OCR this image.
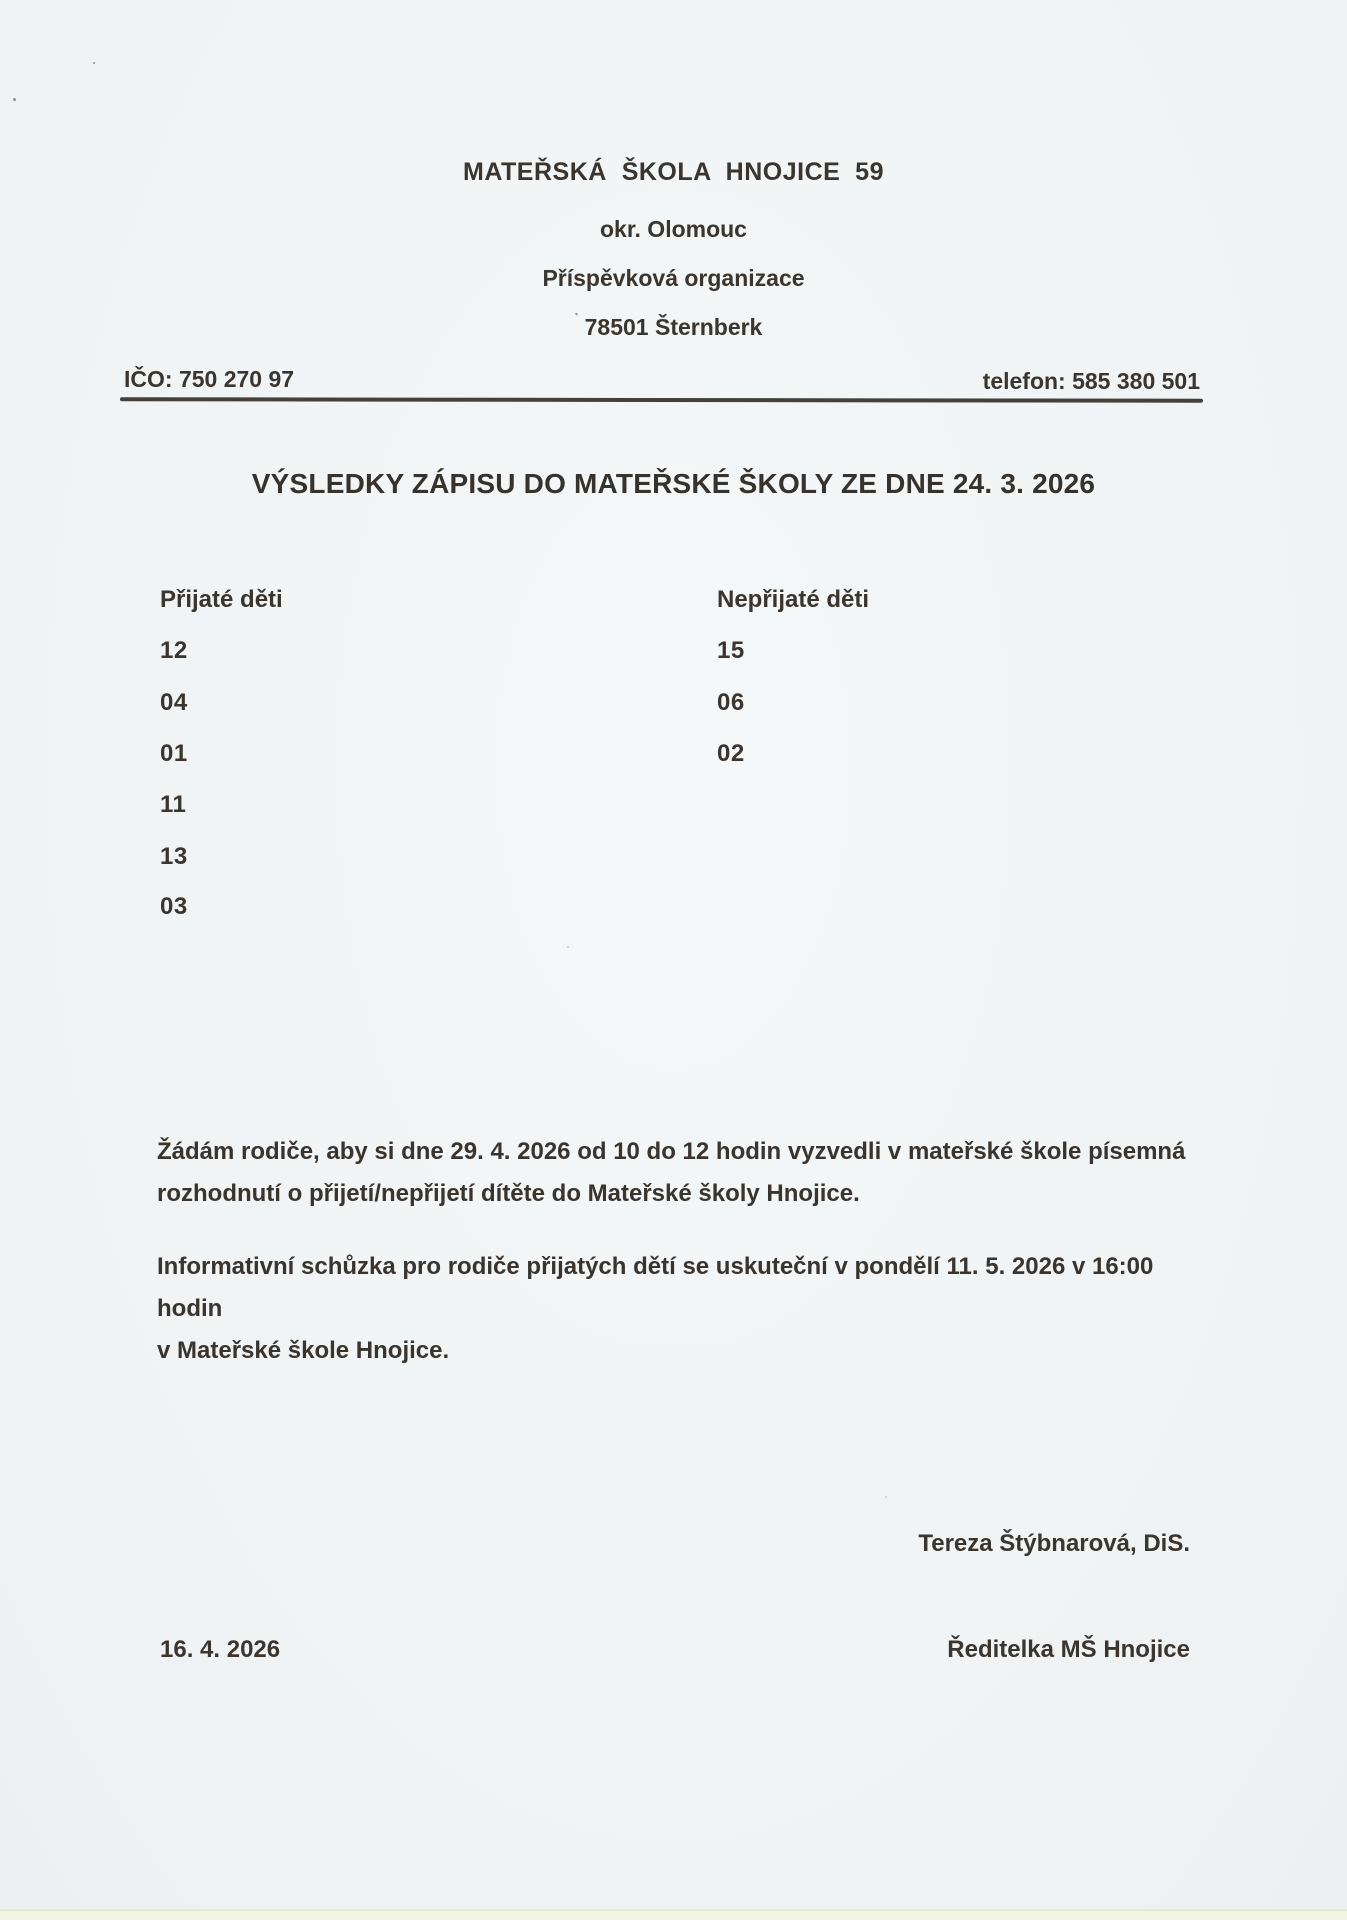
MATEŘSKÁ  ŠKOLA  HNOJICE  59
okr. Olomouc
Příspěvková organizace
78501 Šternberk
IČO: 750 270 97	telefon: 585 380 501
VÝSLEDKY ZÁPISU DO MATEŘSKÉ ŠKOLY ZE DNE 24. 3. 2026
Přijaté děti
12
04
01
11
13
03
Nepřijaté děti
15
06
02
Žádám rodiče, aby si dne 29. 4. 2026 od 10 do 12 hodin vyzvedli v mateřské škole písemná
rozhodnutí o přijetí/nepřijetí dítěte do Mateřské školy Hnojice.
Informativní schůzka pro rodiče přijatých dětí se uskuteční v pondělí 11. 5. 2026 v 16:00 hodin
v Mateřské škole Hnojice.
Tereza Štýbnarová, DiS.
16. 4. 2026	Ředitelka MŠ Hnojice
